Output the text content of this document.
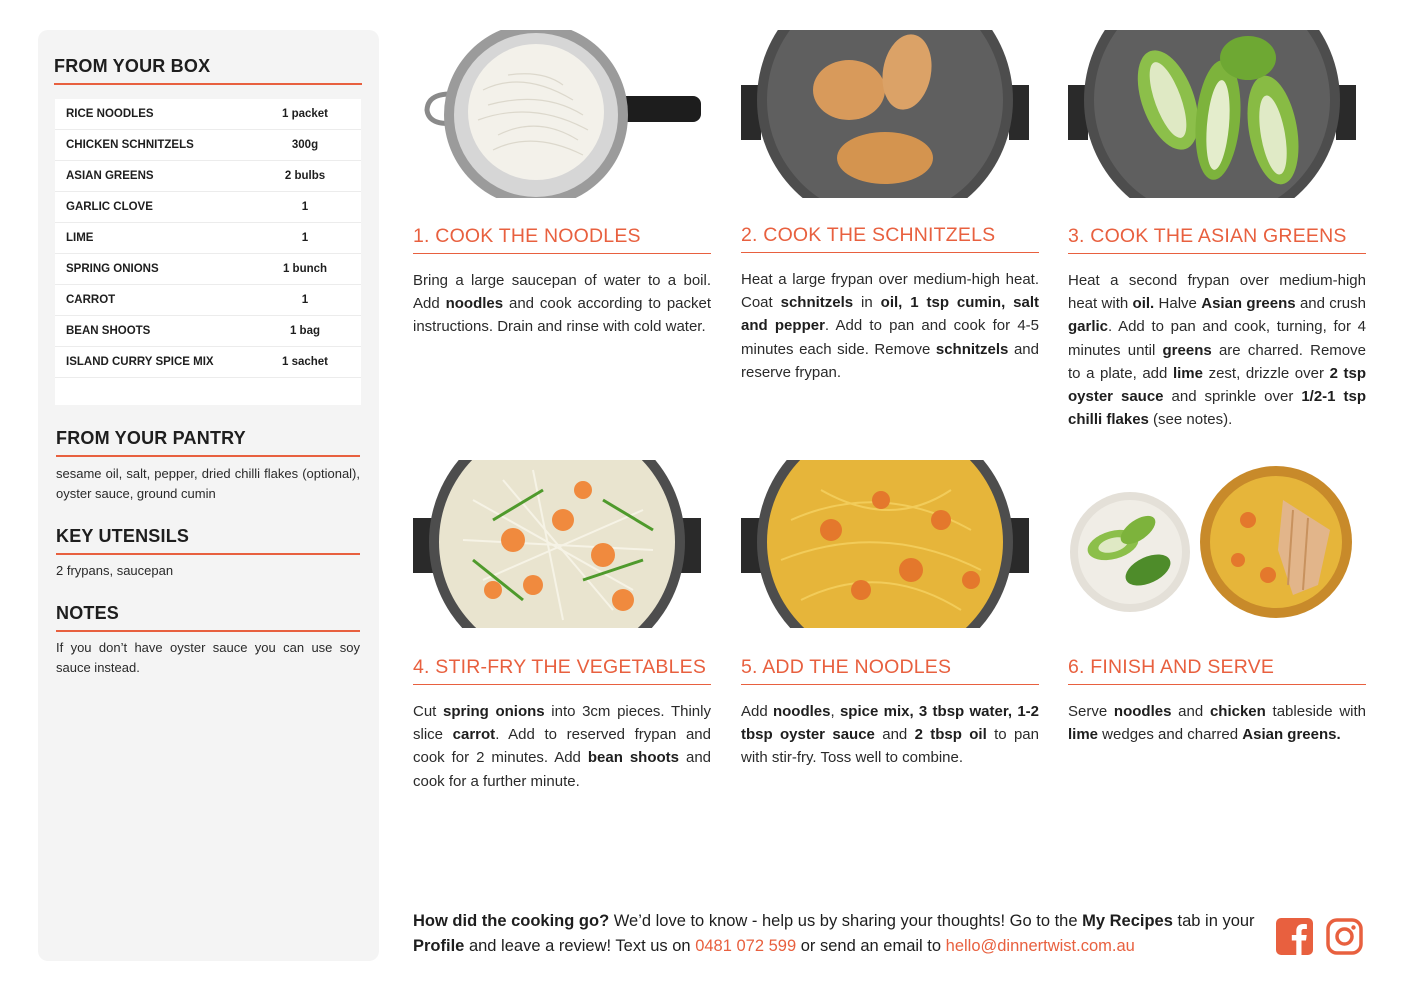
FROM YOUR BOX
RICE NOODLES	1 packet
CHICKEN SCHNITZELS	300g
ASIAN GREENS	2 bulbs
GARLIC CLOVE	1
LIME	1
SPRING ONIONS	1 bunch
CARROT	1
BEAN SHOOTS	1 bag
ISLAND CURRY SPICE MIX	1 sachet
FROM YOUR PANTRY
sesame oil, salt, pepper, dried chilli flakes (optional), oyster sauce, ground cumin
KEY UTENSILS
2 frypans, saucepan
NOTES
If you don’t have oyster sauce you can use soy sauce instead.
1. COOK THE NOODLES
Bring a large saucepan of water to a boil. Add noodles and cook according to packet instructions. Drain and rinse with cold water.
2. COOK THE SCHNITZELS
Heat a large frypan over medium-high heat. Coat schnitzels in oil, 1 tsp cumin, salt and pepper. Add to pan and cook for 4-5 minutes each side. Remove schnitzels and reserve frypan.
3. COOK THE ASIAN GREENS
Heat a second frypan over medium-high heat with oil. Halve Asian greens and crush garlic. Add to pan and cook, turning, for 4 minutes until greens are charred. Remove to a plate, add lime zest, drizzle over 2 tsp oyster sauce and sprinkle over 1/2-1 tsp chilli flakes (see notes).
4. STIR-FRY THE VEGETABLES
Cut spring onions into 3cm pieces. Thinly slice carrot. Add to reserved frypan and cook for 2 minutes. Add bean shoots and cook for a further minute.
5. ADD THE NOODLES
Add noodles, spice mix, 3 tbsp water, 1-2 tbsp oyster sauce and 2 tbsp oil to pan with stir-fry. Toss well to combine.
6. FINISH AND SERVE
Serve noodles and chicken tableside with lime wedges and charred Asian greens.
How did the cooking go? We’d love to know - help us by sharing your thoughts! Go to the My Recipes tab in your Profile and leave a review! Text us on 0481 072 599 or send an email to hello@dinnertwist.com.au
